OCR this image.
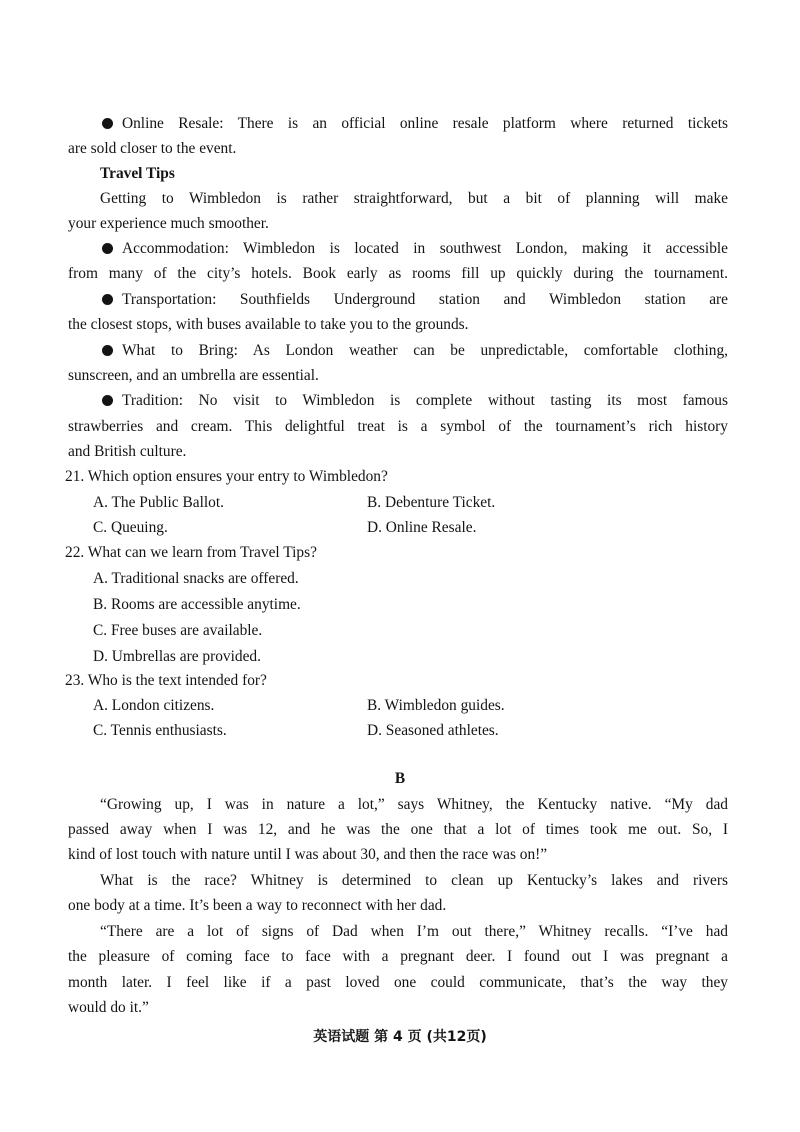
Online Resale: There is an official online resale platform where returned tickets
are sold closer to the event.
Travel Tips
Getting to Wimbledon is rather straightforward, but a bit of planning will make
your experience much smoother.
Accommodation: Wimbledon is located in southwest London, making it accessible
from many of the city’s hotels. Book early as rooms fill up quickly during the tournament.
Transportation: Southfields Underground station and Wimbledon station are
the closest stops, with buses available to take you to the grounds.
What to Bring: As London weather can be unpredictable, comfortable clothing,
sunscreen, and an umbrella are essential.
Tradition: No visit to Wimbledon is complete without tasting its most famous
strawberries and cream. This delightful treat is a symbol of the tournament’s rich history
and British culture.
21. Which option ensures your entry to Wimbledon?
A. The Public Ballot.	B. Debenture Ticket.
C. Queuing.	D. Online Resale.
22. What can we learn from Travel Tips?
A. Traditional snacks are offered.
B. Rooms are accessible anytime.
C. Free buses are available.
D. Umbrellas are provided.
23. Who is the text intended for?
A. London citizens.	B. Wimbledon guides.
C. Tennis enthusiasts.	D. Seasoned athletes.
B
“Growing up, I was in nature a lot,” says Whitney, the Kentucky native. “My dad
passed away when I was 12, and he was the one that a lot of times took me out. So, I
kind of lost touch with nature until I was about 30, and then the race was on!”
What is the race? Whitney is determined to clean up Kentucky’s lakes and rivers
one body at a time. It’s been a way to reconnect with her dad.
“There are a lot of signs of Dad when I’m out there,” Whitney recalls. “I’ve had
the pleasure of coming face to face with a pregnant deer. I found out I was pregnant a
month later. I feel like if a past loved one could communicate, that’s the way they
would do it.”
英语试题 第 4 页 (共12页)
